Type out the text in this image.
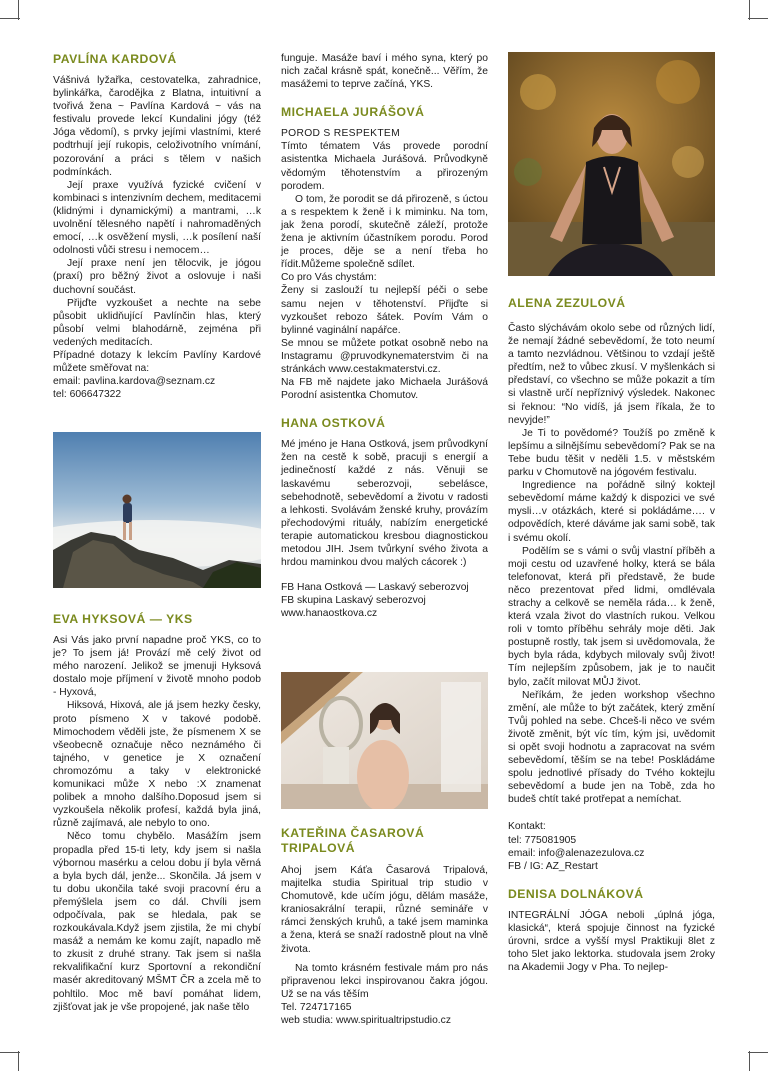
PAVLÍNA KARDOVÁ

Vášnivá lyžařka, cestovatelka, zahradnice, bylinkářka, čarodějka z Blatna, intuitivní a tvořivá žena ~ Pavlína Kardová ~ vás na festivalu provede lekcí Kundalini jógy (též Jóga vědomí), s prvky jejími vlastními, které podtrhují její rukopis, celoživotního vnímání, pozorování a práci s tělem v našich podmínkách.

Její praxe využívá fyzické cvičení v kombinaci s intenzivním dechem, meditacemi (klidnými i dynamickými) a mantrami, …k uvolnění tělesného napětí i nahromaděných emocí, …k osvěžení mysli, …k posílení naší odolnosti vůči stresu i nemocem…

Její praxe není jen tělocvik, je jógou (praxí) pro běžný život a oslovuje i naši duchovní součást.

Přijďte vyzkoušet a nechte na sebe působit uklidňující Pavlínčin hlas, který působí velmi blahodárně, zejména při vedených meditacích.

Případné dotazy k lekcím Pavlíny Kardové můžete směřovat na:

email: pavlina.kardova@seznam.cz

tel: 606647322

EVA HYKSOVÁ — YKS

Asi Vás jako první napadne proč YKS, co to je? To jsem já! Provází mě celý život od mého narození. Jelikož se jmenuji Hyksová dostalo moje příjmení v životě mnoho podob - Hyxová,

Hiksová, Hixová, ale já jsem hezky česky, proto písmeno X v takové podobě. Mimochodem věděli jste, že písmenem X se všeobecně označuje něco neznámého či tajného, v genetice je X označení chromozómu a taky v elektronické komunikaci může X nebo :X znamenat polibek a mnoho dalšího.Doposud jsem si vyzkoušela několik profesí, každá byla jiná, různě zajímavá, ale nebylo to ono.

Něco tomu chybělo. Masážím jsem propadla před 15-ti lety, kdy jsem si našla výbornou masérku a celou dobu jí byla věrná a byla bych dál, jenže... Skončila. Já jsem v tu dobu ukončila také svoji pracovní éru a přemýšlela jsem co dál. Chvíli jsem odpočívala, pak se hledala, pak se rozkoukávala.Když jsem zjistila, že mi chybí masáž a nemám ke komu zajít, napadlo mě to zkusit z druhé strany. Tak jsem si našla rekvalifikační kurz Sportovní a rekondiční masér akreditovaný MŠMT ČR a zcela mě to pohltilo. Moc mě baví pomáhat lidem, zjišťovat jak je vše propojené, jak naše tělo

funguje. Masáže baví i mého syna, který po nich začal krásně spát, konečně... Věřím, že masážemi to teprve začíná, YKS.

MICHAELA JURÁŠOVÁ

POROD S RESPEKTEM

Tímto tématem Vás provede porodní asistentka Michaela Jurášová. Průvodkyně vědomým těhotenstvím a přirozeným porodem.

O tom, že porodit se dá přirozeně, s úctou a s respektem k ženě i k miminku. Na tom, jak žena porodí, skutečně záleží, protože žena je aktivním účastníkem porodu. Porod je proces, děje se a není třeba ho řídit.Můžeme společně sdílet.

Co pro Vás chystám:

Ženy si zaslouží tu nejlepší péči o sebe samu nejen v těhotenství. Přijďte si vyzkoušet rebozo šátek. Povím Vám o bylinné vaginální napářce.

Se mnou se můžete potkat osobně nebo na Instagramu @pruvodkynematerstvim či na stránkách www.cestakmaterstvi.cz.

Na FB mě najdete jako Michaela Jurášová Porodní asistentka Chomutov.

HANA OSTKOVÁ

Mé jméno je Hana Ostková, jsem průvodkyní žen na cestě k sobě, pracuji s energií a jedinečností každé z nás. Věnuji se laskavému seberozvoji, sebelásce, sebehodnotě, sebevědomí a životu v radosti a lehkosti. Svolávám ženské kruhy, provázím přechodovými rituály, nabízím energetické terapie automatickou kresbou diagnostickou metodou JIH. Jsem tvůrkyní svého života a hrdou maminkou dvou malých cácorek :)

FB Hana Ostková — Laskavý seberozvoj

FB skupina Laskavý seberozvoj

www.hanaostkova.cz

KATEŘINA ČASAROVÁ TRIPALOVÁ

Ahoj jsem Káťa Časarová Tripalová, majitelka studia Spiritual trip studio v Chomutově, kde učím jógu, dělám masáže, kraniosakrální terapii, různé semináře v rámci ženských kruhů, a také jsem maminka a žena, která se snaží radostně plout na vlně života.

Na tomto krásném festivale mám pro nás připravenou lekci inspirovanou čakra jógou. Už se na vás těším

Tel. 724717165

web studia: www.spiritualtripstudio.cz

ALENA ZEZULOVÁ

Často slýchávám okolo sebe od různých lidí, že nemají žádné sebevědomí, že toto neumí a tamto nezvládnou. Většinou to vzdají ještě předtím, než to vůbec zkusí. V myšlenkách si představí, co všechno se může pokazit a tím si vlastně určí nepříznivý výsledek. Nakonec si řeknou: “No vidíš, já jsem říkala, že to nevyjde!”

Je Ti to povědomé? Toužíš po změně k lepšímu a silnějšímu sebevědomí? Pak se na Tebe budu těšit v neděli 1.5. v městském parku v Chomutově na jógovém festivalu.

Ingredience na pořádně silný koktejl sebevědomí máme každý k dispozici ve své mysli…v otázkách, které si pokládáme…. v odpovědích, které dáváme jak sami sobě, tak i svému okolí.

Podělím se s vámi o svůj vlastní příběh a moji cestu od uzavřené holky, která se bála telefonovat, která při představě, že bude něco prezentovat před lidmi, omdlévala strachy a celkově se neměla ráda… k ženě, která vzala život do vlastních rukou. Velkou roli v tomto příběhu sehrály moje děti. Jak postupně rostly, tak jsem si uvědomovala, že bych byla ráda, kdybych milovaly svůj život! Tím nejlepším způsobem, jak je to naučit bylo, začít milovat MŮJ život.

Neříkám, že jeden workshop všechno změní, ale může to být začátek, který změní Tvůj pohled na sebe. Chceš-li něco ve svém životě změnit, být víc tím, kým jsi, uvědomit si opět svoji hodnotu a zapracovat na svém sebevědomí, těším se na tebe! Poskládáme spolu jednotlivé přísady do Tvého koktejlu sebevědomí a bude jen na Tobě, zda ho budeš chtít také protřepat a nemíchat.

Kontakt:

tel: 775081905

email: info@alenazezulova.cz

FB / IG: AZ_Restart

DENISA DOLNÁKOVÁ

INTEGRÁLNÍ JÓGA neboli „úplná jóga, klasická“, která spojuje činnost na fyzické úrovni, srdce a vyšší mysl Praktikuji 8let z toho 5let jako lektorka. studovala jsem 2roky na Akademii Jogy v Pha. To nejlep-
